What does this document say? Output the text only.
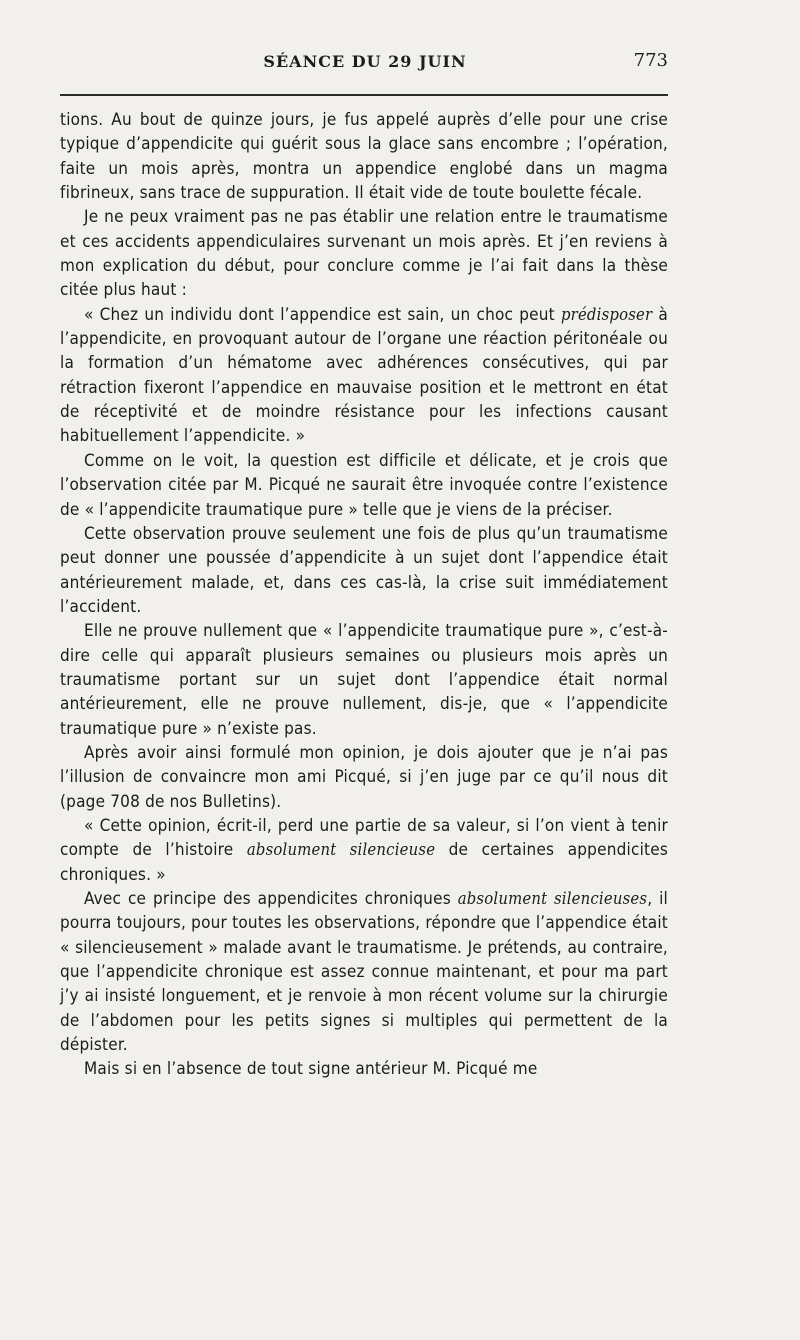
SÉANCE DU 29 JUIN	773

tions. Au bout de quinze jours, je fus appelé auprès d’elle pour une crise typique d’appendicite qui guérit sous la glace sans encombre ; l’opération, faite un mois après, montra un appendice englobé dans un magma fibrineux, sans trace de suppuration. Il était vide de toute boulette fécale.

Je ne peux vraiment pas ne pas établir une relation entre le traumatisme et ces accidents appendiculaires survenant un mois après. Et j’en reviens à mon explication du début, pour conclure comme je l’ai fait dans la thèse citée plus haut :

« Chez un individu dont l’appendice est sain, un choc peut prédisposer à l’appendicite, en provoquant autour de l’organe une réaction péritonéale ou la formation d’un hématome avec adhérences consécutives, qui par rétraction fixeront l’appendice en mauvaise position et le mettront en état de réceptivité et de moindre résistance pour les infections causant habituellement l’appendicite. »

Comme on le voit, la question est difficile et délicate, et je crois que l’observation citée par M. Picqué ne saurait être invoquée contre l’existence de « l’appendicite traumatique pure » telle que je viens de la préciser.

Cette observation prouve seulement une fois de plus qu’un traumatisme peut donner une poussée d’appendicite à un sujet dont l’appendice était antérieurement malade, et, dans ces cas-là, la crise suit immédiatement l’accident.

Elle ne prouve nullement que « l’appendicite traumatique pure », c’est-à-dire celle qui apparaît plusieurs semaines ou plusieurs mois après un traumatisme portant sur un sujet dont l’appendice était normal antérieurement, elle ne prouve nullement, dis-je, que « l’appendicite traumatique pure » n’existe pas.

Après avoir ainsi formulé mon opinion, je dois ajouter que je n’ai pas l’illusion de convaincre mon ami Picqué, si j’en juge par ce qu’il nous dit (page 708 de nos Bulletins).

« Cette opinion, écrit-il, perd une partie de sa valeur, si l’on vient à tenir compte de l’histoire absolument silencieuse de certaines appendicites chroniques. »

Avec ce principe des appendicites chroniques absolument silencieuses, il pourra toujours, pour toutes les observations, répondre que l’appendice était « silencieusement » malade avant le traumatisme. Je prétends, au contraire, que l’appendicite chronique est assez connue maintenant, et pour ma part j’y ai insisté longuement, et je renvoie à mon récent volume sur la chirurgie de l’abdomen pour les petits signes si multiples qui permettent de la dépister.

Mais si en l’absence de tout signe antérieur M. Picqué me
